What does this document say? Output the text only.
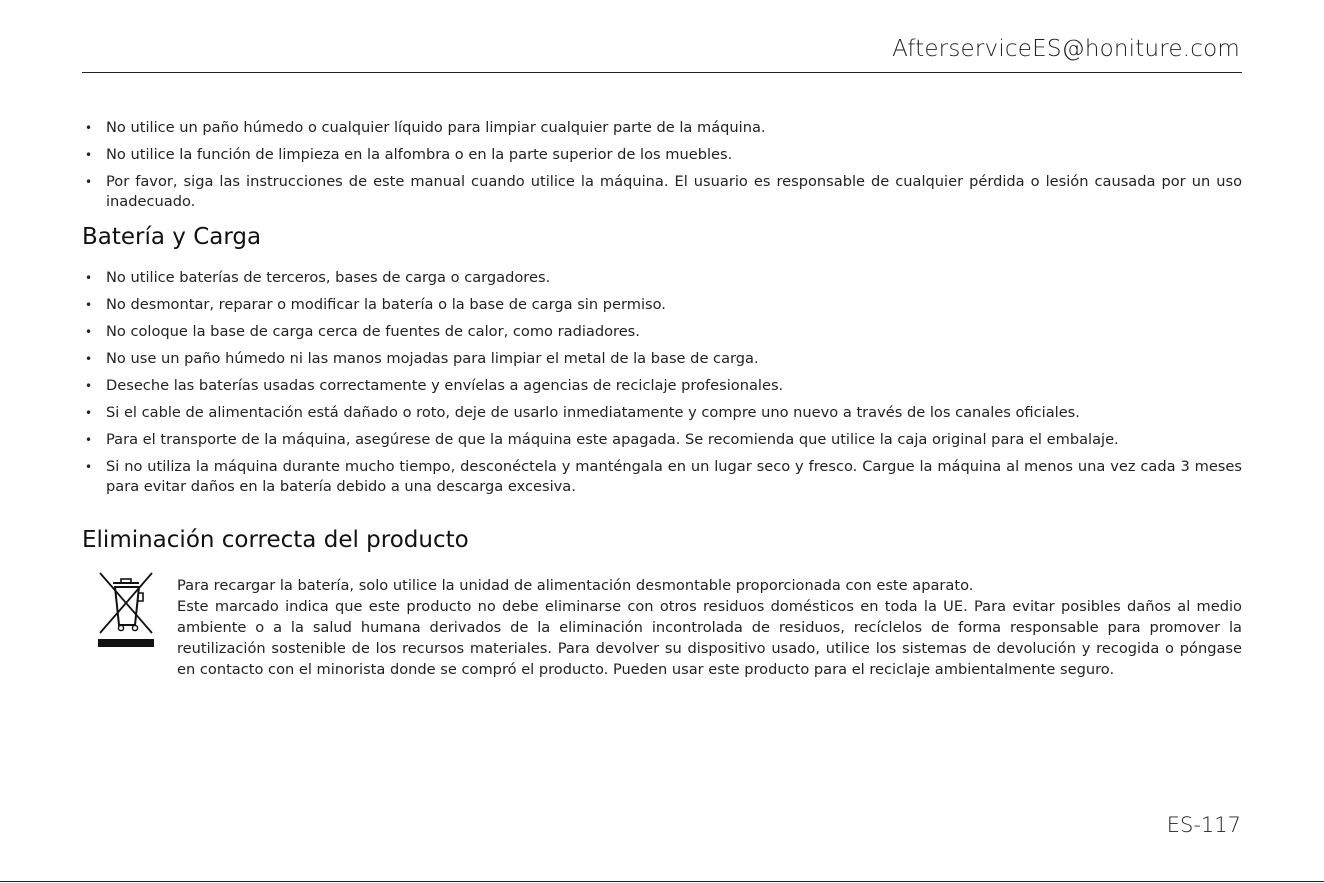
AfterserviceES@honiture.com
• No utilice un paño húmedo o cualquier líquido para limpiar cualquier parte de la máquina.
• No utilice la función de limpieza en la alfombra o en la parte superior de los muebles.
• Por favor, siga las instrucciones de este manual cuando utilice la máquina. El usuario es responsable de cualquier pérdida o lesión causada por un uso inadecuado.
Batería y Carga
• No utilice baterías de terceros, bases de carga o cargadores.
• No desmontar, reparar o modificar la batería o la base de carga sin permiso.
• No coloque la base de carga cerca de fuentes de calor, como radiadores.
• No use un paño húmedo ni las manos mojadas para limpiar el metal de la base de carga.
• Deseche las baterías usadas correctamente y envíelas a agencias de reciclaje profesionales.
• Si el cable de alimentación está dañado o roto, deje de usarlo inmediatamente y compre uno nuevo a través de los canales oficiales.
• Para el transporte de la máquina, asegúrese de que la máquina este apagada. Se recomienda que utilice la caja original para el embalaje.
• Si no utiliza la máquina durante mucho tiempo, desconéctela y manténgala en un lugar seco y fresco. Cargue la máquina al menos una vez cada 3 meses para evitar daños en la batería debido a una descarga excesiva.
Eliminación correcta del producto

Para recargar la batería, solo utilice la unidad de alimentación desmontable proporcionada con este aparato.

Este marcado indica que este producto no debe eliminarse con otros residuos domésticos en toda la UE. Para evitar posibles daños al medio ambiente o a la salud humana derivados de la eliminación incontrolada de residuos, recíclelos de forma responsable para promover la reutilización sostenible de los recursos materiales. Para devolver su dispositivo usado, utilice los sistemas de devolución y recogida o póngase en contacto con el minorista donde se compró el producto. Pueden usar este producto para el reciclaje ambientalmente seguro.

ES-117
